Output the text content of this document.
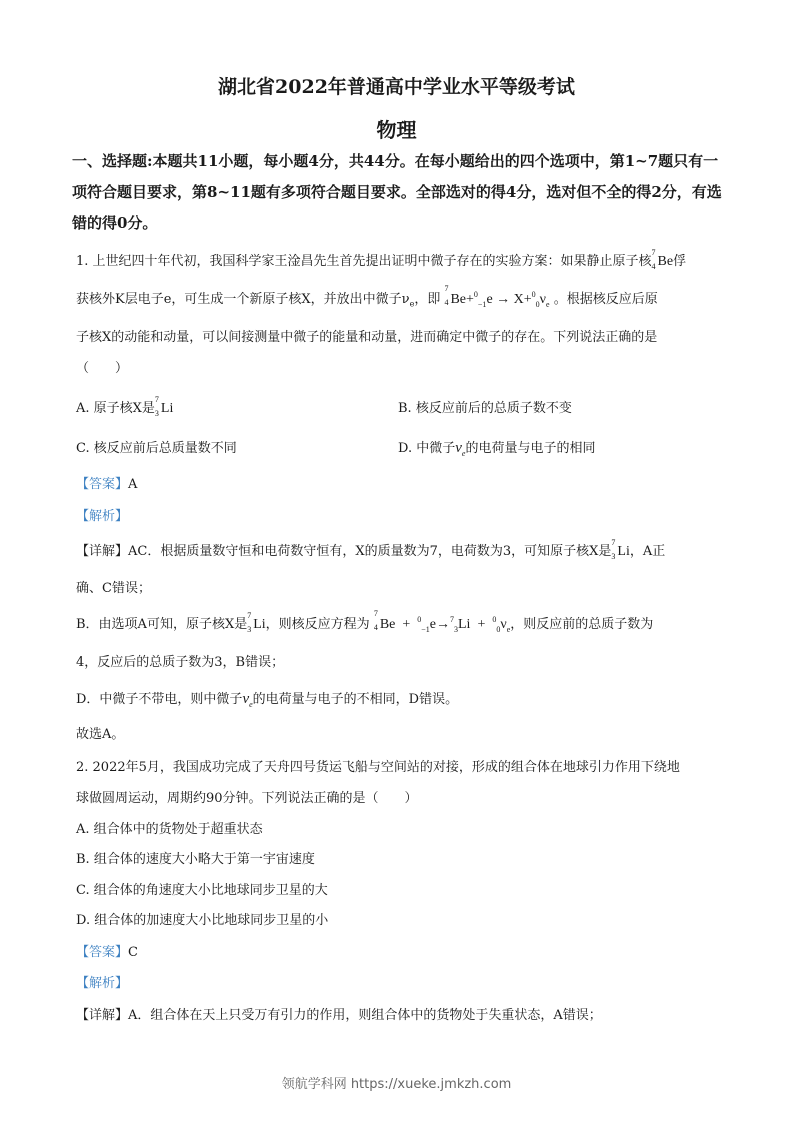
湖北省2022年普通高中学业水平等级考试
物理
一、选择题:本题共11小题，每小题4分，共44分。在每小题给出的四个选项中，第1~7题只有一项符合题目要求，第8~11题有多项符合题目要求。全部选对的得4分，选对但不全的得2分，有选错的得0分。
1. 上世纪四十年代初，我国科学家王淦昌先生首先提出证明中微子存在的实验方案：如果静止原子核
7
4 Be俘
获核外K层电子e，可生成一个新原子核X，并放出中微子$\nu_e$，即
7
4 $Be+^0_{-1}e \to X+^0_0\nu_e$ 。根据核反应后原
子核X的动能和动量，可以间接测量中微子的能量和动量，进而确定中微子的存在。下列说法正确的是
（　　）
A. 原子核X是
7
3 Li	B. 核反应前后的总质子数不变
C. 核反应前后总质量数不同	D. 中微子$\nu_e$的电荷量与电子的相同
【答案】A
【解析】
【详解】AC．根据质量数守恒和电荷数守恒有，X的质量数为7，电荷数为3，可知原子核X是
7
3 Li，A正
确、C错误；
B．由选项A可知，原子核X是
7
3 Li，则核反应方程为
7
4 $Be + ^0_{-1}e\to^7_3Li + ^0_0\nu_e$，则反应前的总质子数为
4，反应后的总质子数为3，B错误；
D．中微子不带电，则中微子$\nu_e$的电荷量与电子的不相同，D错误。
故选A。
2. 2022年5月，我国成功完成了天舟四号货运飞船与空间站的对接，形成的组合体在地球引力作用下绕地
球做圆周运动，周期约90分钟。下列说法正确的是（　　）
A. 组合体中的货物处于超重状态
B. 组合体的速度大小略大于第一宇宙速度
C. 组合体的角速度大小比地球同步卫星的大
D. 组合体的加速度大小比地球同步卫星的小
【答案】C
【解析】
【详解】A．组合体在天上只受万有引力的作用，则组合体中的货物处于失重状态，A错误；
领航学科网 https://xueke.jmkzh.com
